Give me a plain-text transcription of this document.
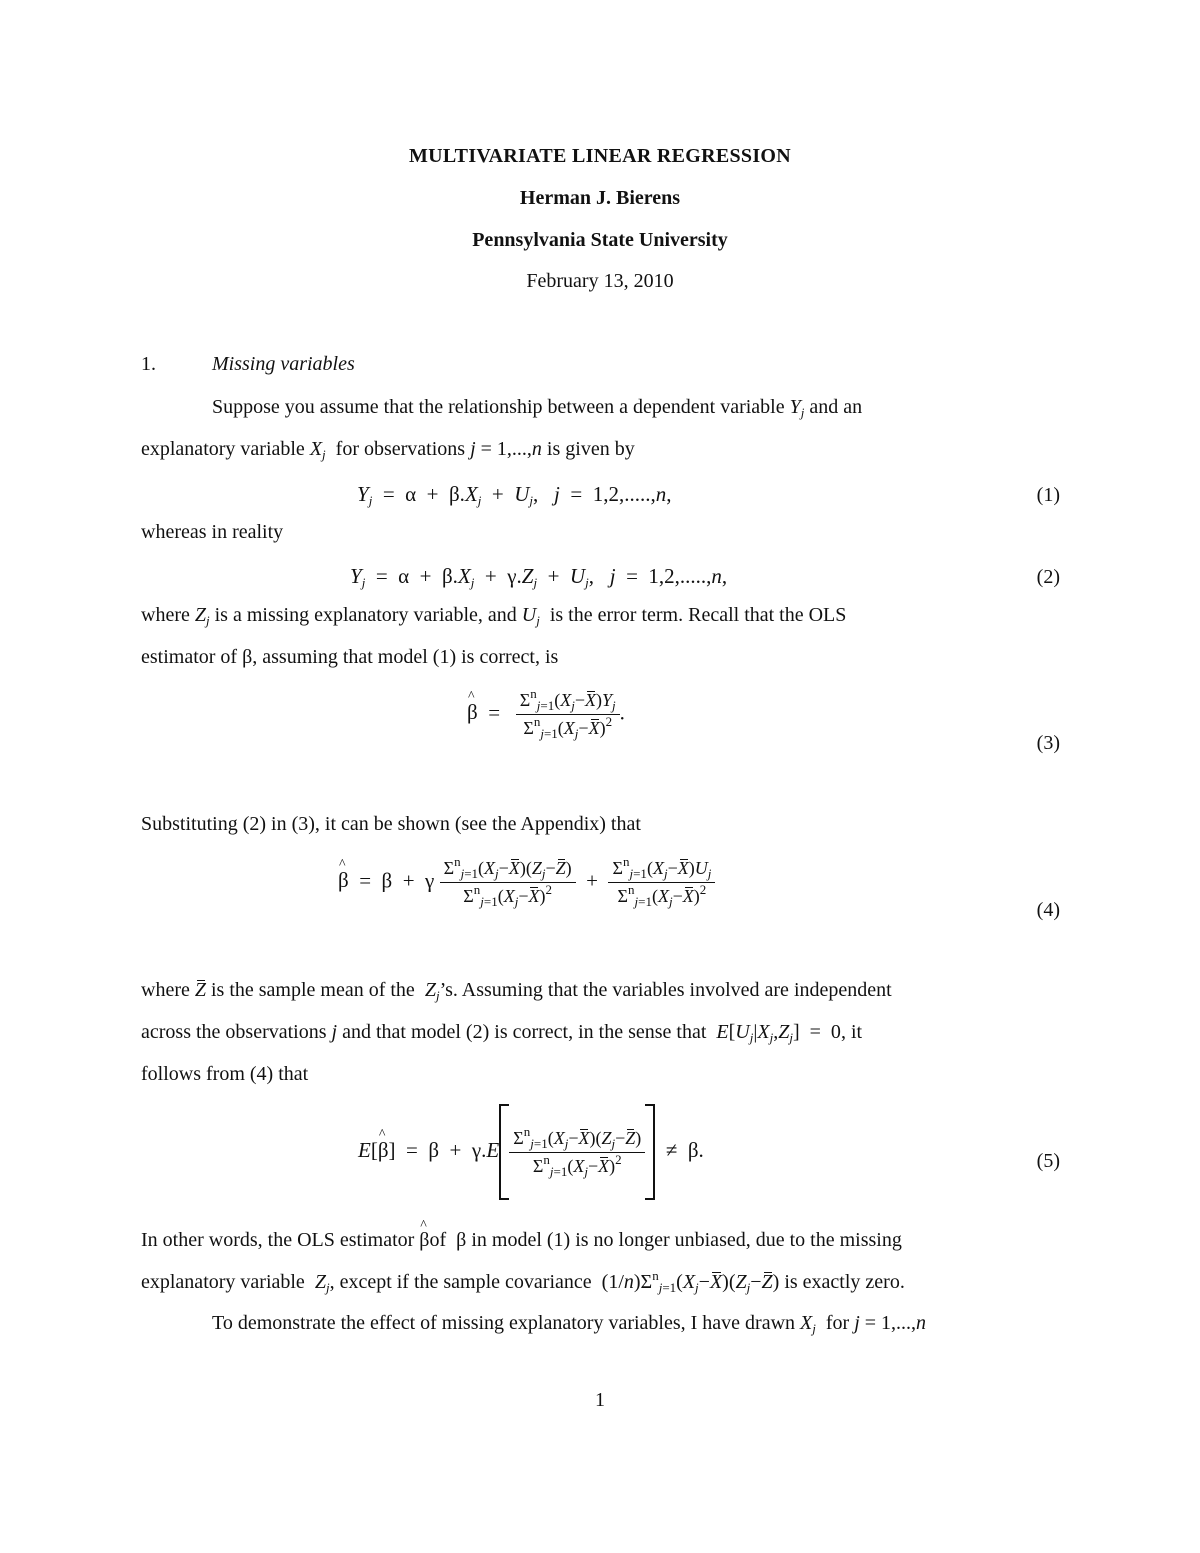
MULTIVARIATE LINEAR REGRESSION
Herman J. Bierens
Pennsylvania State University
February 13, 2010
1.	Missing variables
Suppose you assume that the relationship between a dependent variable $Y_j$ and an
explanatory variable $X_j$ for observations j = 1,...,n is given by
$Y_j = \alpha + \beta.X_j + U_j$,   j  =  1,2,.....,n,	(1)
whereas in reality
$Y_j = \alpha + \beta.X_j + \gamma.Z_j + U_j$,   j  =  1,2,.....,n,	(2)
where $Z_j$ is a missing explanatory variable, and $U_j$ is the error term. Recall that the OLS
estimator of β, assuming that model (1) is correct, is
^ $\beta = \frac{\Sigma^n_{j=1}(X_j-X)Y_j}{\Sigma^n_{j=1}(X_j-X)^2}$ .
(3)
Substituting (2) in (3), it can be shown (see the Appendix) that
^ β  =  β  +  γ $\frac{\Sigma^n_{j=1}(X_j-X)(Z_j-Z)}{\Sigma^n_{j=1}(X_j-X)^2} + \frac{\Sigma^n_{j=1}(X_j-X)U_j}{\Sigma^n_{j=1}(X_j-X)^2}$
(4)
where Z is the sample mean of the $Z_j’s$. Assuming that the variables involved are independent
across the observations j and that model (2) is correct, in the sense that $E[U_j|X_j,Z_j] = 0$, it
follows from (4) that
E[^ $\beta] = \beta + \gamma.E \frac{\Sigma^n_{j=1}(X_j-X)(Z_j-Z)}{\Sigma^n_{j=1}(X_j-X)^2} \ne \beta$.	(5)
In other words, the OLS estimator ^ βof  β in model (1) is no longer unbiased, due to the missing
explanatory variable $Z_j$, except if the sample covariance  $(1/n)\Sigma^n_{j=1}(X_j-X)(Z_j-Z)$ is exactly zero.
To demonstrate the effect of missing explanatory variables, I have drawn $X_j$ for j = 1,...,n
1
